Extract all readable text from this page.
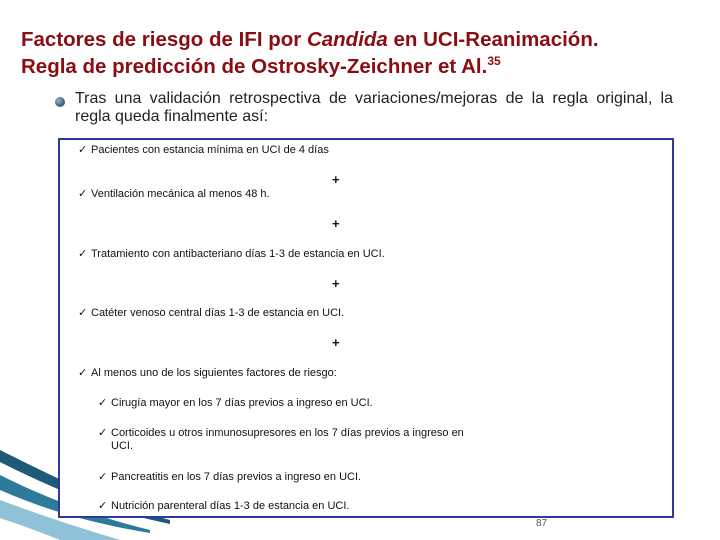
Factores de riesgo de IFI por Candida en UCI-Reanimación.
Regla de predicción de Ostrosky-Zeichner et Al.$^{35}$
Tras una validación retrospectiva de variaciones/mejoras de la regla original, la regla queda finalmente así:
✓ Pacientes con estancia mínima en UCI de 4 días
+
✓ Ventilación mecánica al menos 48 h.
+
✓ Tratamiento con antibacteriano días 1-3 de estancia en UCI.
+
✓ Catéter venoso central días 1-3 de estancia en UCI.
+
✓ Al menos uno de los siguientes factores de riesgo:
✓ Cirugía mayor en los 7 días previos a ingreso en UCI.
✓ Corticoides u otros inmunosupresores en los 7 días previos a ingreso en UCI.
✓ Pancreatitis en los 7 días previos a ingreso en UCI.
✓ Nutrición parenteral días 1-3 de estancia en UCI.
87
